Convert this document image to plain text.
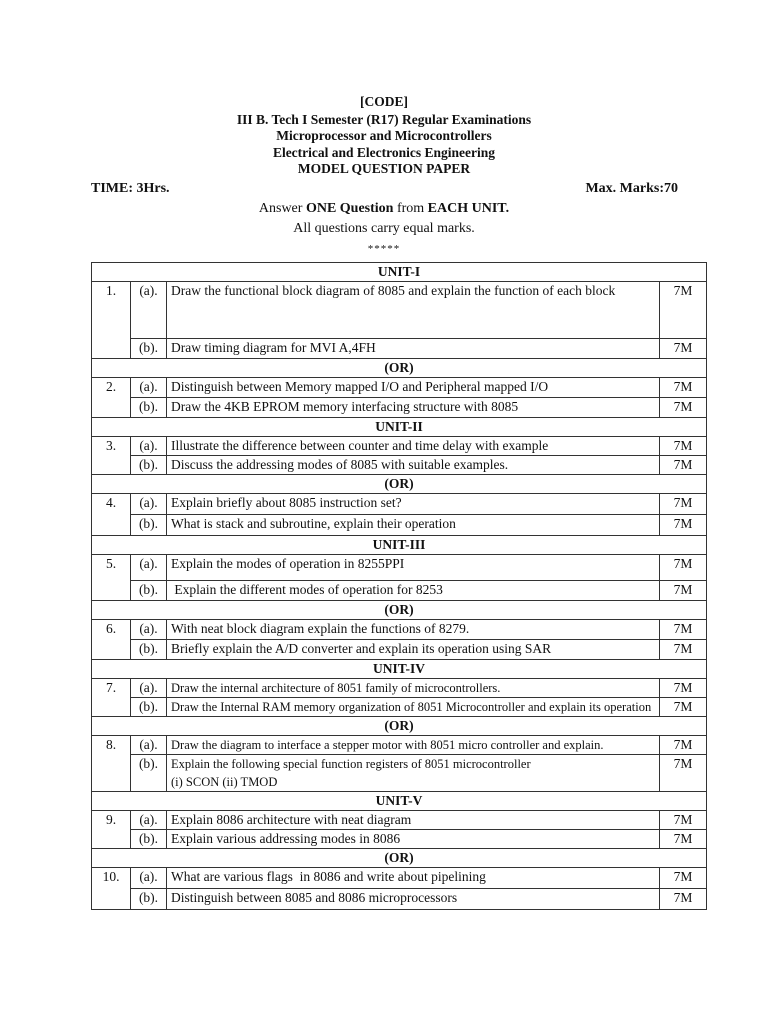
[CODE]
III B. Tech I Semester (R17) Regular Examinations
Microprocessor and Microcontrollers
Electrical and Electronics Engineering
MODEL QUESTION PAPER
TIME: 3Hrs.	Max. Marks:70
Answer ONE Question from EACH UNIT.
All questions carry equal marks.
*****
UNIT-I			
1.	(a).	Draw the functional block diagram of 8085 and explain the function of each block	7M
	(b).	Draw timing diagram for MVI A,4FH	7M
(OR)			
2.	(a).	Distinguish between Memory mapped I/O and Peripheral mapped I/O	7M
	(b).	Draw the 4KB EPROM memory interfacing structure with 8085	7M
UNIT-II			
3.	(a).	Illustrate the difference between counter and time delay with example	7M
	(b).	Discuss the addressing modes of 8085 with suitable examples.	7M
(OR)			
4.	(a).	Explain briefly about 8085 instruction set?	7M
	(b).	What is stack and subroutine, explain their operation	7M
UNIT-III			
5.	(a).	Explain the modes of operation in 8255PPI	7M
	(b).	Explain the different modes of operation for 8253	7M
(OR)			
6.	(a).	With neat block diagram explain the functions of 8279.	7M
	(b).	Briefly explain the A/D converter and explain its operation using SAR	7M
UNIT-IV			
7.	(a).	Draw the internal architecture of 8051 family of microcontrollers.	7M
	(b).	Draw the Internal RAM memory organization of 8051 Microcontroller and explain its operation	7M
(OR)			
8.	(a).	Draw the diagram to interface a stepper motor with 8051 micro controller and explain.	7M
	(b).	Explain the following special function registers of 8051 microcontroller
(i) SCON (ii) TMOD	7M
UNIT-V			
9.	(a).	Explain 8086 architecture with neat diagram	7M
	(b).	Explain various addressing modes in 8086	7M
(OR)			
10.	(a).	What are various flags  in 8086 and write about pipelining	7M
	(b).	Distinguish between 8085 and 8086 microprocessors	7M
